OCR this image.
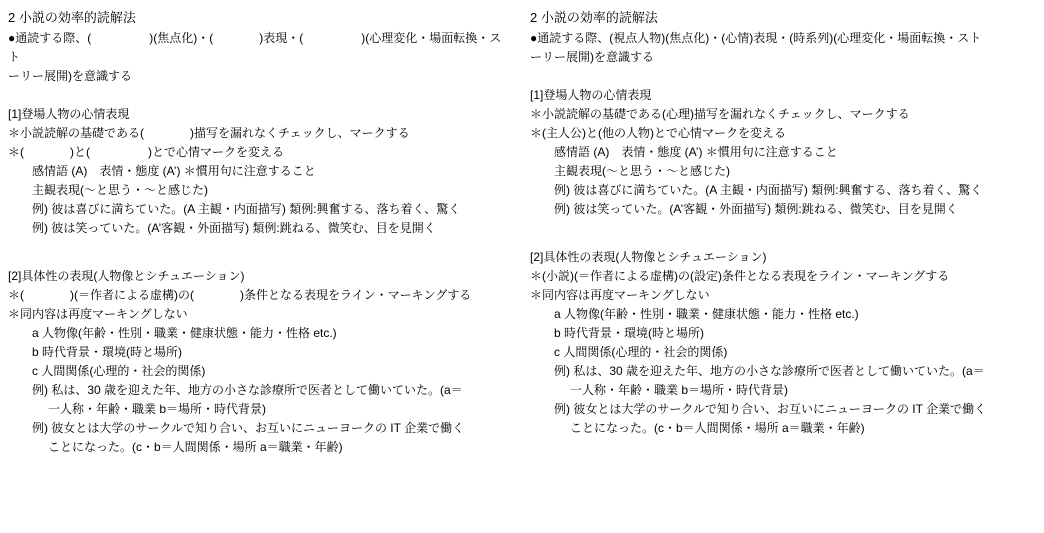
2 小説の効率的読解法
●通読する際、(	)(焦点化)・(	)表現・(	)(心理変化・場面転換・スト
ーリー展開)を意識する
[1]登場人物の心情表現
＊小説読解の基礎である(	)描写を漏れなくチェックし、マークする
＊(	)と(	)とで心情マークを変える
感情語 (A)　表情・態度 (A’) ＊慣用句に注意すること
主観表現(〜と思う・〜と感じた)
例) 彼は喜びに満ちていた。(A 主観・内面描写) 類例:興奮する、落ち着く、驚く
例) 彼は笑っていた。(A’客観・外面描写) 類例:跳ねる、微笑む、目を見開く
[2]具体性の表現(人物像とシチュエーション)
＊(	)(＝作者による虚構)の(	)条件となる表現をライン・マーキングする
＊同内容は再度マーキングしない
a 人物像(年齢・性別・職業・健康状態・能力・性格 etc.)
b 時代背景・環境(時と場所)
c 人間関係(心理的・社会的関係)
例) 私は、30 歳を迎えた年、地方の小さな診療所で医者として働いていた。(a＝
一人称・年齢・職業 b＝場所・時代背景)
例) 彼女とは大学のサークルで知り合い、お互いにニューヨークの IT 企業で働く
ことになった。(c・b＝人間関係・場所 a＝職業・年齢)
2 小説の効率的読解法
●通読する際、(視点人物)(焦点化)・(心情)表現・(時系列)(心理変化・場面転換・スト
ーリー展開)を意識する
[1]登場人物の心情表現
＊小説読解の基礎である(心理)描写を漏れなくチェックし、マークする
＊(主人公)と(他の人物)とで心情マークを変える
感情語 (A)　表情・態度 (A’) ＊慣用句に注意すること
主観表現(〜と思う・〜と感じた)
例) 彼は喜びに満ちていた。(A 主観・内面描写) 類例:興奮する、落ち着く、驚く
例) 彼は笑っていた。(A’客観・外面描写) 類例:跳ねる、微笑む、目を見開く
[2]具体性の表現(人物像とシチュエーション)
＊(小説)(＝作者による虚構)の(設定)条件となる表現をライン・マーキングする
＊同内容は再度マーキングしない
a 人物像(年齢・性別・職業・健康状態・能力・性格 etc.)
b 時代背景・環境(時と場所)
c 人間関係(心理的・社会的関係)
例) 私は、30 歳を迎えた年、地方の小さな診療所で医者として働いていた。(a＝
一人称・年齢・職業 b＝場所・時代背景)
例) 彼女とは大学のサークルで知り合い、お互いにニューヨークの IT 企業で働く
ことになった。(c・b＝人間関係・場所 a＝職業・年齢)
